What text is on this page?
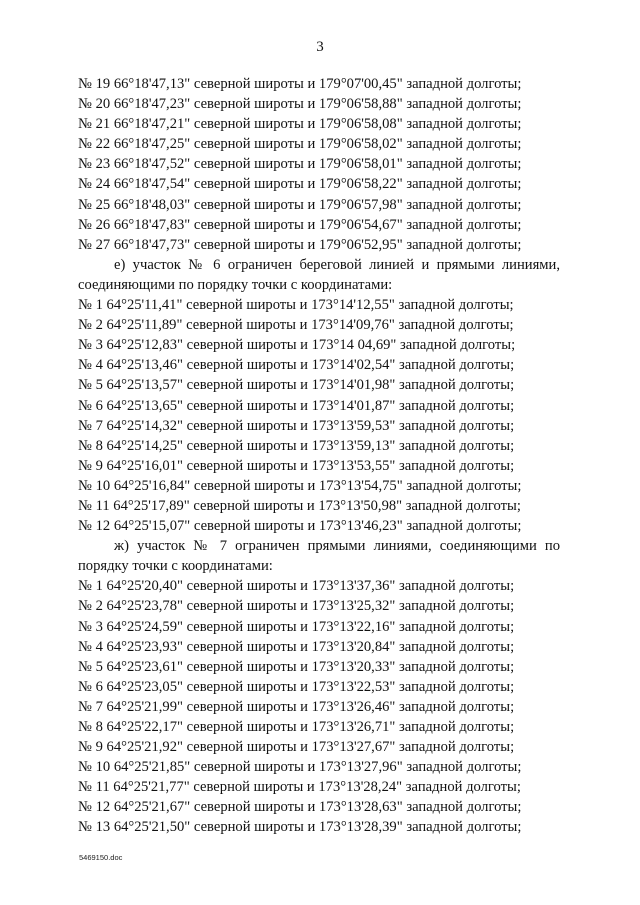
3
№ 19 66°18'47,13" северной широты и 179°07'00,45" западной долготы;
№ 20 66°18'47,23" северной широты и 179°06'58,88" западной долготы;
№ 21 66°18'47,21" северной широты и 179°06'58,08" западной долготы;
№ 22 66°18'47,25" северной широты и 179°06'58,02" западной долготы;
№ 23 66°18'47,52" северной широты и 179°06'58,01" западной долготы;
№ 24 66°18'47,54" северной широты и 179°06'58,22" западной долготы;
№ 25 66°18'48,03" северной широты и 179°06'57,98" западной долготы;
№ 26 66°18'47,83" северной широты и 179°06'54,67" западной долготы;
№ 27 66°18'47,73" северной широты и 179°06'52,95" западной долготы;
е) участок № 6 ограничен береговой линией и прямыми линиями, соединяющими по порядку точки с координатами:
№ 1 64°25'11,41" северной широты и 173°14'12,55" западной долготы;
№ 2 64°25'11,89" северной широты и 173°14'09,76" западной долготы;
№ 3 64°25'12,83" северной широты и 173°14 04,69" западной долготы;
№ 4 64°25'13,46" северной широты и 173°14'02,54" западной долготы;
№ 5 64°25'13,57" северной широты и 173°14'01,98" западной долготы;
№ 6 64°25'13,65" северной широты и 173°14'01,87" западной долготы;
№ 7 64°25'14,32" северной широты и 173°13'59,53" западной долготы;
№ 8 64°25'14,25" северной широты и 173°13'59,13" западной долготы;
№ 9 64°25'16,01" северной широты и 173°13'53,55" западной долготы;
№ 10 64°25'16,84" северной широты и 173°13'54,75" западной долготы;
№ 11 64°25'17,89" северной широты и 173°13'50,98" западной долготы;
№ 12 64°25'15,07" северной широты и 173°13'46,23" западной долготы;
ж) участок № 7 ограничен прямыми линиями, соединяющими по порядку точки с координатами:
№ 1 64°25'20,40" северной широты и 173°13'37,36" западной долготы;
№ 2 64°25'23,78" северной широты и 173°13'25,32" западной долготы;
№ 3 64°25'24,59" северной широты и 173°13'22,16" западной долготы;
№ 4 64°25'23,93" северной широты и 173°13'20,84" западной долготы;
№ 5 64°25'23,61" северной широты и 173°13'20,33" западной долготы;
№ 6 64°25'23,05" северной широты и 173°13'22,53" западной долготы;
№ 7 64°25'21,99" северной широты и 173°13'26,46" западной долготы;
№ 8 64°25'22,17" северной широты и 173°13'26,71" западной долготы;
№ 9 64°25'21,92" северной широты и 173°13'27,67" западной долготы;
№ 10 64°25'21,85" северной широты и 173°13'27,96" западной долготы;
№ 11 64°25'21,77" северной широты и 173°13'28,24" западной долготы;
№ 12 64°25'21,67" северной широты и 173°13'28,63" западной долготы;
№ 13 64°25'21,50" северной широты и 173°13'28,39" западной долготы;
5469150.doc
